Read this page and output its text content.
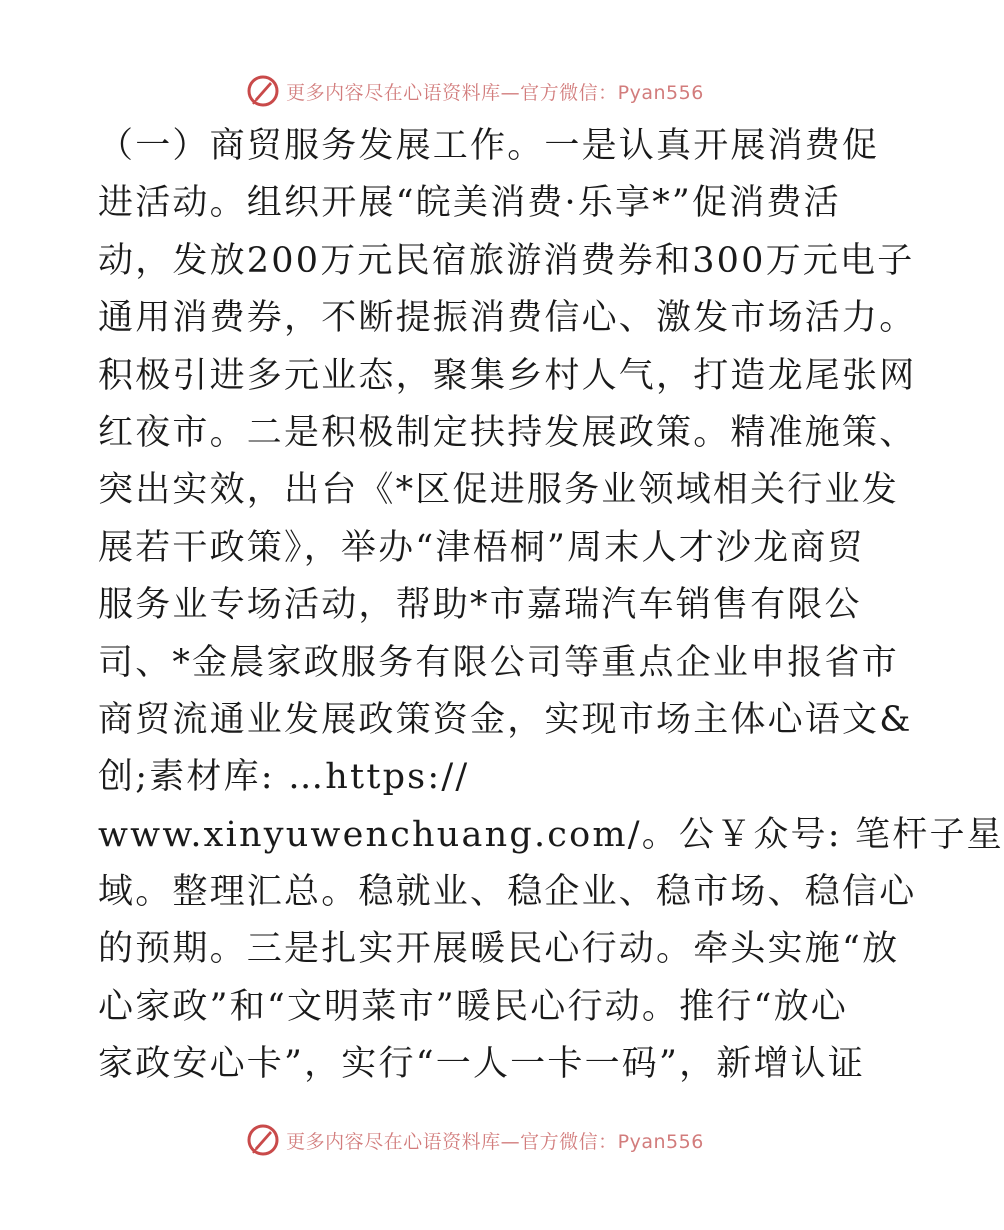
更多内容尽在心语资料库—官方微信：Pyan556
（一）商贸服务发展工作。一是认真开展消费促
进活动。组织开展“皖美消费·乐享*”促消费活
动，发放200万元民宿旅游消费券和300万元电子
通用消费券，不断提振消费信心、激发市场活力。
积极引进多元业态，聚集乡村人气，打造龙尾张网
红夜市。二是积极制定扶持发展政策。精准施策、
突出实效，出台《*区促进服务业领域相关行业发
展若干政策》，举办“津梧桐”周末人才沙龙商贸
服务业专场活动，帮助*市嘉瑞汽车销售有限公
司、*金晨家政服务有限公司等重点企业申报省市
商贸流通业发展政策资金，实现市场主体心语文&
创;素材库: …https://
www.xinyuwenchuang.com/。公￥众号: 笔杆子星
域。整理汇总。稳就业、稳企业、稳市场、稳信心
的预期。三是扎实开展暖民心行动。牵头实施“放
心家政”和“文明菜市”暖民心行动。推行“放心
家政安心卡”，实行“一人一卡一码”，新增认证
更多内容尽在心语资料库—官方微信：Pyan556
